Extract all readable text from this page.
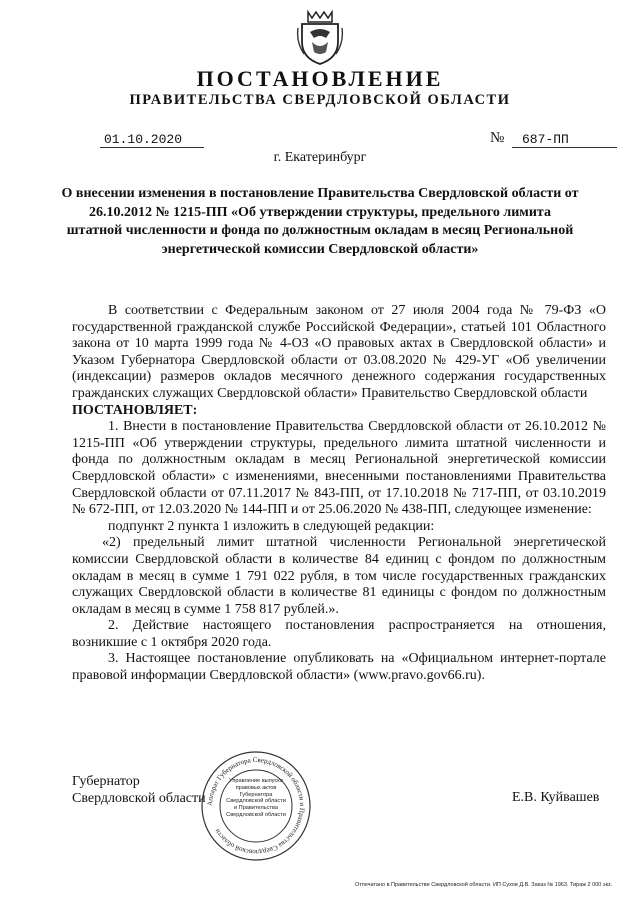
ПОСТАНОВЛЕНИЕ
ПРАВИТЕЛЬСТВА СВЕРДЛОВСКОЙ ОБЛАСТИ
01.10.2020	№	687-ПП
г. Екатеринбург
О внесении изменения в постановление Правительства Свердловской области от 26.10.2012 № 1215-ПП «Об утверждении структуры, предельного лимита штатной численности и фонда по должностным окладам в месяц Региональной энергетической комиссии Свердловской области»

В соответствии с Федеральным законом от 27 июля 2004 года № 79-ФЗ «О государственной гражданской службе Российской Федерации», статьей 101 Областного закона от 10 марта 1999 года № 4-ОЗ «О правовых актах в Свердловской области» и Указом Губернатора Свердловской области от 03.08.2020 № 429-УГ «Об увеличении (индексации) размеров окладов месячного денежного содержания государственных гражданских служащих Свердловской области» Правительство Свердловской области

ПОСТАНОВЛЯЕТ:

1. Внести в постановление Правительства Свердловской области от 26.10.2012 № 1215-ПП «Об утверждении структуры, предельного лимита штатной численности и фонда по должностным окладам в месяц Региональной энергетической комиссии Свердловской области» с изменениями, внесенными постановлениями Правительства Свердловской области от 07.11.2017 № 843-ПП, от 17.10.2018 № 717-ПП, от 03.10.2019 № 672-ПП, от 12.03.2020 № 144-ПП и от 25.06.2020 № 438-ПП, следующее изменение:

подпункт 2 пункта 1 изложить в следующей редакции:

«2) предельный лимит штатной численности Региональной энергетической комиссии Свердловской области в количестве 84 единиц с фондом по должностным окладам в месяц в сумме 1 791 022 рубля, в том числе государственных гражданских служащих Свердловской области в количестве 81 единицы с фондом по должностным окладам в месяц в сумме 1 758 817 рублей.».

2. Действие настоящего постановления распространяется на отношения, возникшие с 1 октября 2020 года.

3. Настоящее постановление опубликовать на «Официальном интернет-портале правовой информации Свердловской области» (www.pravo.gov66.ru).

Губернатор
Свердловской области	Е.В. Куйвашев
Аппарат Губернатора Свердловской области и Правительства Свердловской области
Управление выпуска правовых актов Губернатора Свердловской области и Правительства Свердловской области
Отпечатано в Правительстве Свердловской области. ИП Сухов Д.В. Заказ № 1963. Тираж 2 000 экз.
